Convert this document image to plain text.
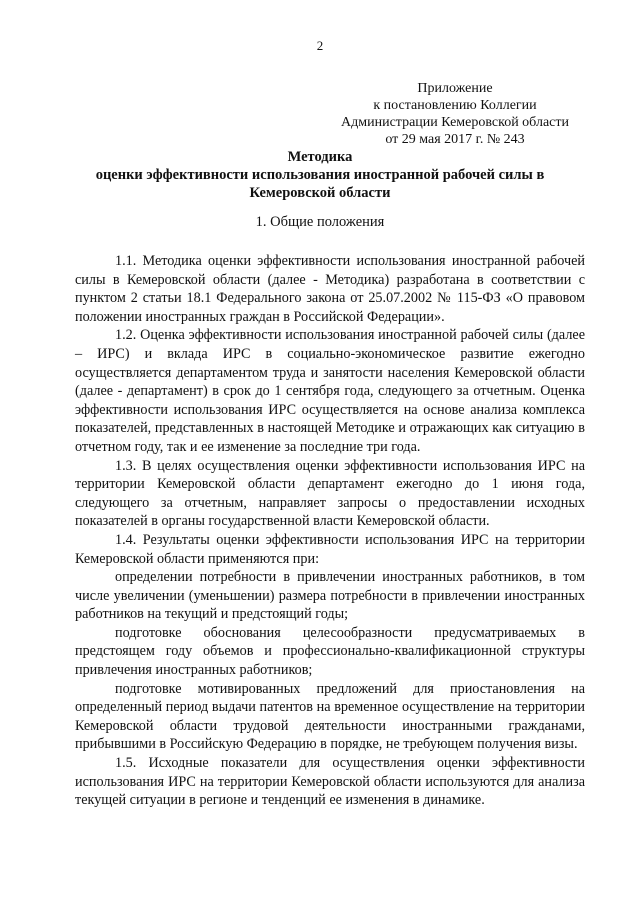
2
Приложение
к постановлению Коллегии
Администрации Кемеровской области
от 29 мая 2017 г. № 243
Методика
оценки эффективности использования иностранной рабочей силы в
Кемеровской области
1. Общие положения

1.1. Методика оценки эффективности использования иностранной рабочей силы в Кемеровской области (далее - Методика) разработана в соответствии с пунктом 2 статьи 18.1 Федерального закона от 25.07.2002 № 115-ФЗ «О правовом положении иностранных граждан в Российской Федерации».

1.2. Оценка эффективности использования иностранной рабочей силы (далее – ИРС) и вклада ИРС в социально-экономическое развитие ежегодно осуществляется департаментом труда и занятости населения Кемеровской области (далее - департамент) в срок до 1 сентября года, следующего за отчетным. Оценка эффективности использования ИРС осуществляется на основе анализа комплекса показателей, представленных в настоящей Методике и отражающих как ситуацию в отчетном году, так и ее изменение за последние три года.

1.3. В целях осуществления оценки эффективности использования ИРС на территории Кемеровской области департамент ежегодно до 1 июня года, следующего за отчетным, направляет запросы о предоставлении исходных показателей в органы государственной власти Кемеровской области.

1.4. Результаты оценки эффективности использования ИРС на территории Кемеровской области применяются при:

определении потребности в привлечении иностранных работников, в том числе увеличении (уменьшении) размера потребности в привлечении иностранных работников на текущий и предстоящий годы;

подготовке обоснования целесообразности предусматриваемых в предстоящем году объемов и профессионально-квалификационной структуры привлечения иностранных работников;

подготовке мотивированных предложений для приостановления на определенный период выдачи патентов на временное осуществление на территории Кемеровской области трудовой деятельности иностранными гражданами, прибывшими в Российскую Федерацию в порядке, не требующем получения визы.

1.5. Исходные показатели для осуществления оценки эффективности использования ИРС на территории Кемеровской области используются для анализа текущей ситуации в регионе и тенденций ее изменения в динамике.
